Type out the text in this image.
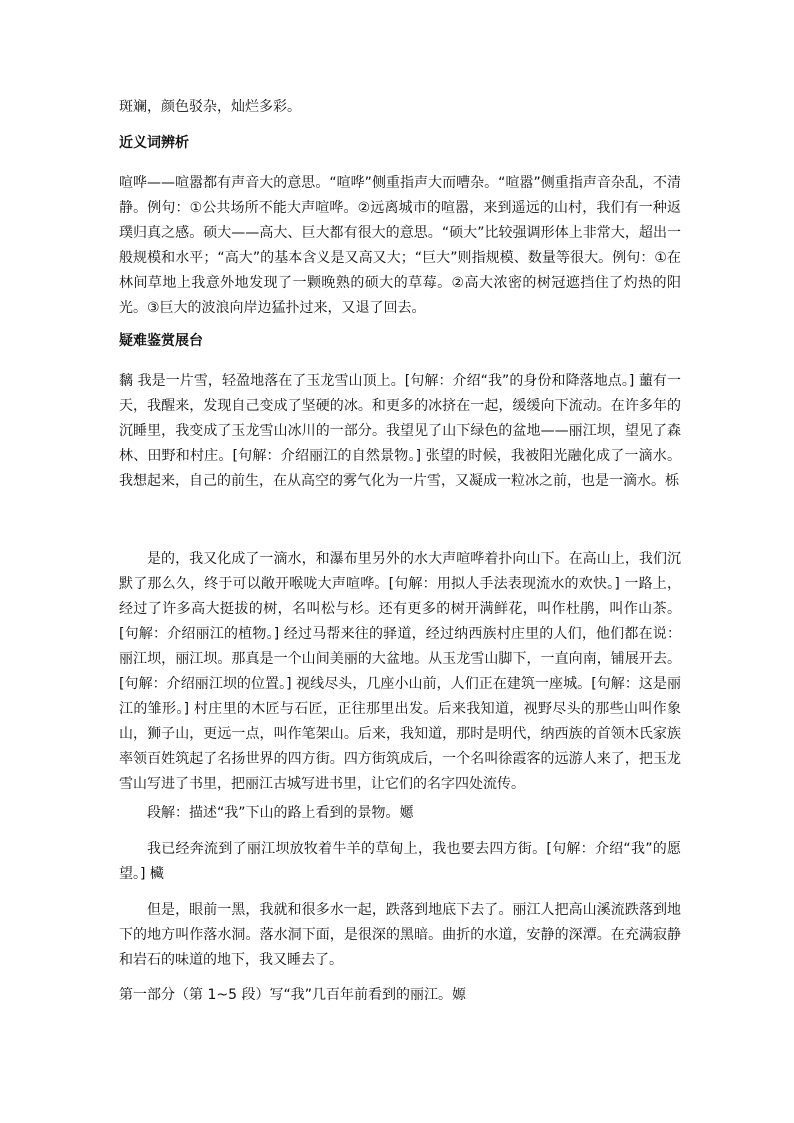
斑斓，颜色驳杂，灿烂多彩。

近义词辨析

喧哗——喧嚣都有声音大的意思。“喧哗”侧重指声大而嘈杂。“喧嚣”侧重指声音杂乱，不清静。例句：①公共场所不能大声喧哗。②远离城市的喧嚣，来到遥远的山村，我们有一种返璞归真之感。硕大——高大、巨大都有很大的意思。“硕大”比较强调形体上非常大，超出一般规模和水平；“高大”的基本含义是又高又大；“巨大”则指规模、数量等很大。例句：①在林间草地上我意外地发现了一颗晚熟的硕大的草莓。②高大浓密的树冠遮挡住了灼热的阳光。③巨大的波浪向岸边猛扑过来，又退了回去。

疑难鉴赏展台

黐 我是一片雪，轻盈地落在了玉龙雪山顶上。[句解：介绍“我”的身份和降落地点。] 蘁有一天，我醒来，发现自己变成了坚硬的冰。和更多的冰挤在一起，缓缓向下流动。在许多年的沉睡里，我变成了玉龙雪山冰川的一部分。我望见了山下绿色的盆地——丽江坝，望见了森林、田野和村庄。[句解：介绍丽江的自然景物。] 张望的时候，我被阳光融化成了一滴水。我想起来，自己的前生，在从高空的雾气化为一片雪，又凝成一粒冰之前，也是一滴水。栎

是的，我又化成了一滴水，和瀑布里另外的水大声喧哗着扑向山下。在高山上，我们沉默了那么久，终于可以敞开喉咙大声喧哗。[句解：用拟人手法表现流水的欢快。] 一路上，经过了许多高大挺拔的树，名叫松与杉。还有更多的树开满鲜花，叫作杜鹃，叫作山茶。[句解：介绍丽江的植物。] 经过马帮来往的驿道，经过纳西族村庄里的人们，他们都在说：丽江坝，丽江坝。那真是一个山间美丽的大盆地。从玉龙雪山脚下，一直向南，铺展开去。[句解：介绍丽江坝的位置。] 视线尽头，几座小山前，人们正在建筑一座城。[句解：这是丽江的雏形。] 村庄里的木匠与石匠，正往那里出发。后来我知道，视野尽头的那些山叫作象山，狮子山，更远一点，叫作笔架山。后来，我知道，那时是明代，纳西族的首领木氏家族率领百姓筑起了名扬世界的四方街。四方街筑成后，一个名叫徐霞客的远游人来了，把玉龙雪山写进了书里，把丽江古城写进书里，让它们的名字四处流传。

段解：描述“我”下山的路上看到的景物。嬺

我已经奔流到了丽江坝放牧着牛羊的草甸上，我也要去四方街。[句解：介绍“我”的愿望。] 欌

但是，眼前一黑，我就和很多水一起，跌落到地底下去了。丽江人把高山溪流跌落到地下的地方叫作落水洞。落水洞下面，是很深的黑暗。曲折的水道，安静的深潭。在充满寂静和岩石的味道的地下，我又睡去了。

第一部分（第 1~5 段）写“我”几百年前看到的丽江。嫄
